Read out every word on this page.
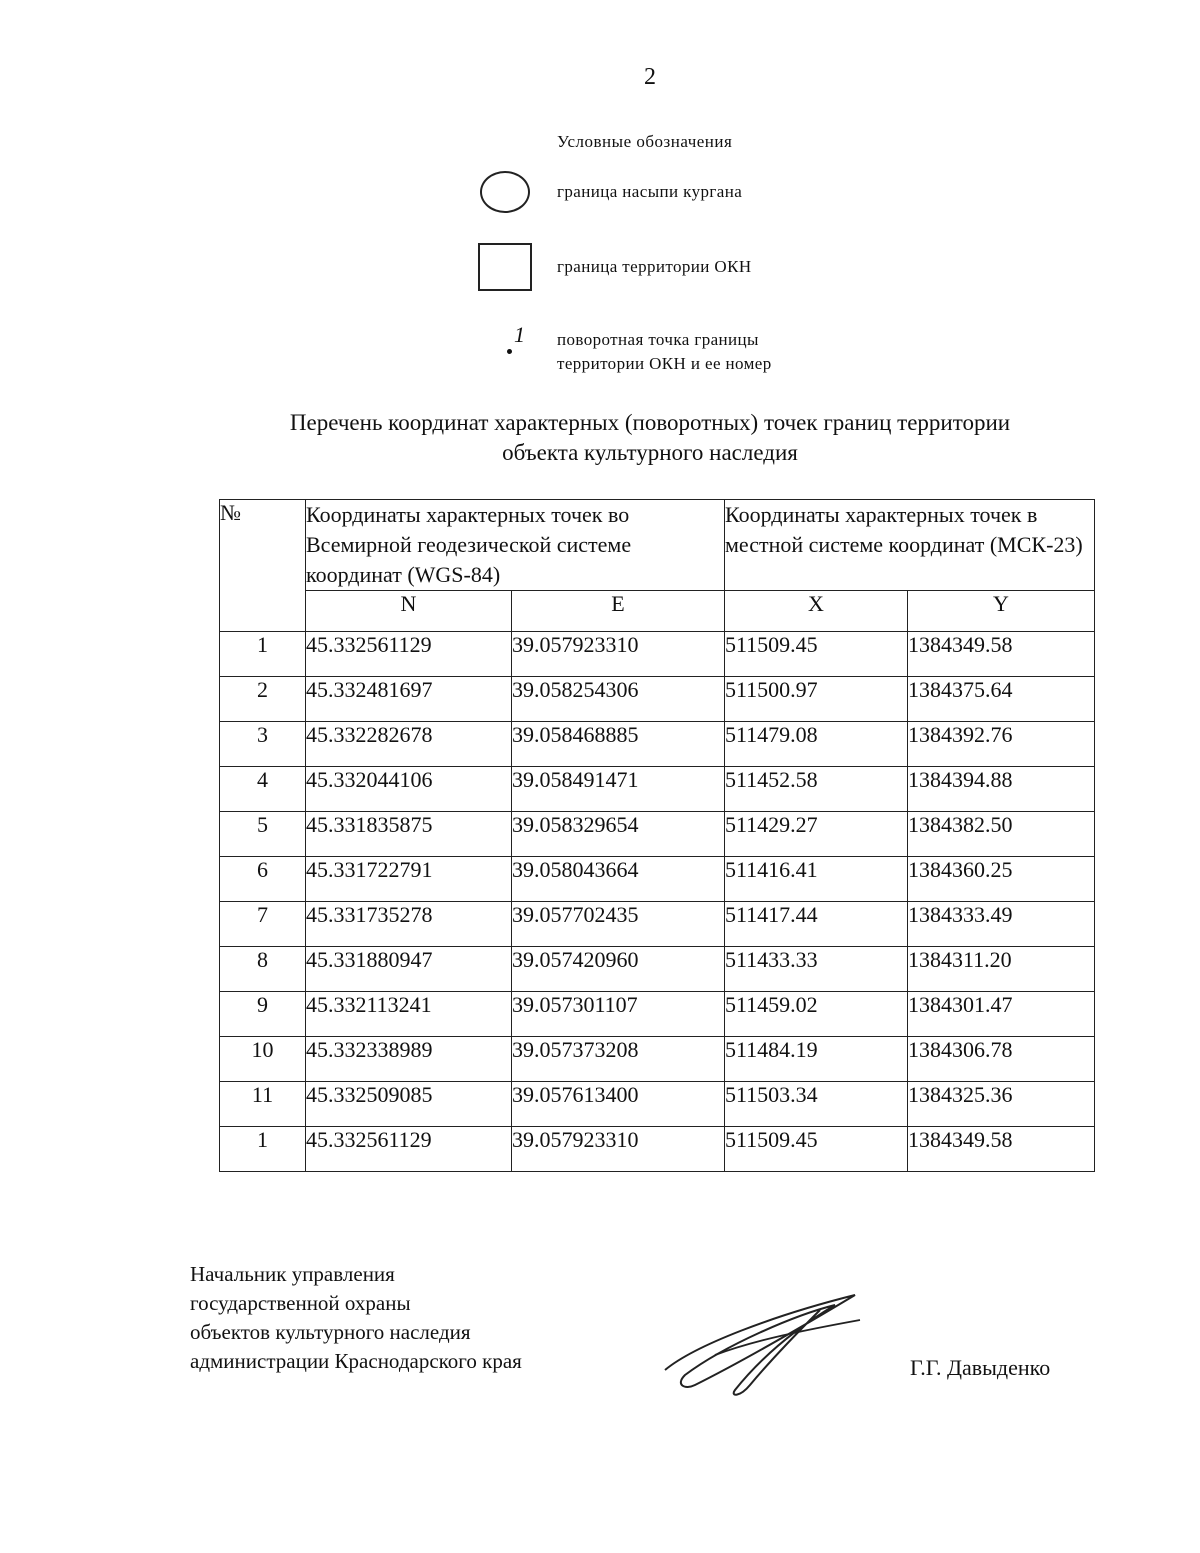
2
Условные обозначения
граница насыпи кургана
граница территории ОКН
1 поворотная точка границы
территории ОКН и ее номер
Перечень координат характерных (поворотных) точек границ территории
объекта культурного наследия
№	Координаты характерных точек во Всемирной геодезической системе координат (WGS-84)		Координаты характерных точек в местной системе координат (МСК-23)	
	N	E	X	Y
1	45.332561129	39.057923310	511509.45	1384349.58
2	45.332481697	39.058254306	511500.97	1384375.64
3	45.332282678	39.058468885	511479.08	1384392.76
4	45.332044106	39.058491471	511452.58	1384394.88
5	45.331835875	39.058329654	511429.27	1384382.50
6	45.331722791	39.058043664	511416.41	1384360.25
7	45.331735278	39.057702435	511417.44	1384333.49
8	45.331880947	39.057420960	511433.33	1384311.20
9	45.332113241	39.057301107	511459.02	1384301.47
10	45.332338989	39.057373208	511484.19	1384306.78
11	45.332509085	39.057613400	511503.34	1384325.36
1	45.332561129	39.057923310	511509.45	1384349.58
Начальник управления
государственной охраны
объектов культурного наследия
администрации Краснодарского края	Г.Г. Давыденко
